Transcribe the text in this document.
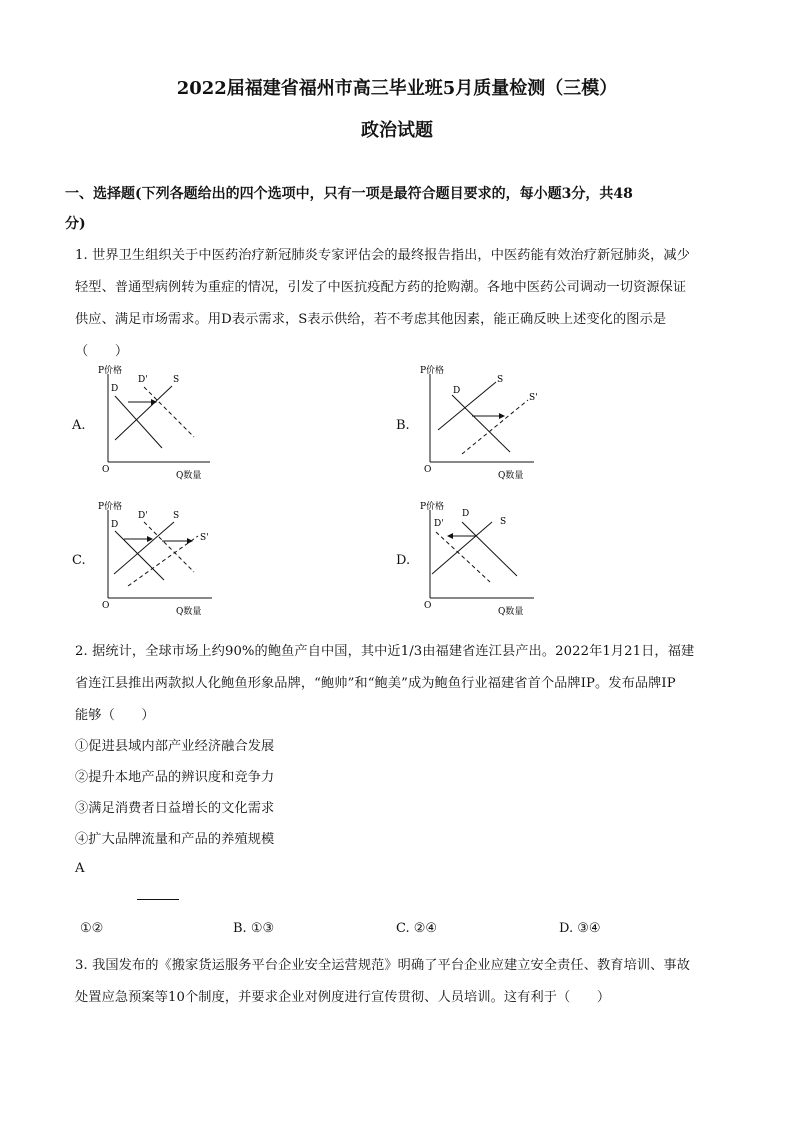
2022届福建省福州市高三毕业班5月质量检测（三模）
政治试题
一、选择题(下列各题给出的四个选项中，只有一项是最符合题目要求的，每小题3分，共48
分)
1. 世界卫生组织关于中医药治疗新冠肺炎专家评估会的最终报告指出，中医药能有效治疗新冠肺炎，减少
轻型、普通型病例转为重症的情况，引发了中医抗疫配方药的抢购潮。各地中医药公司调动一切资源保证
供应、满足市场需求。用D表示需求，S表示供给，若不考虑其他因素，能正确反映上述变化的图示是
（　　）
A.
P价格
Q数量
O
D
D'	S
B.
P价格
Q数量
O
D
S
S'
C.
P价格
Q数量
O
D
D'	S
S'
D.
P价格
Q数量
O
D
D'	S
2. 据统计，全球市场上约90%的鲍鱼产自中国，其中近1/3由福建省连江县产出。2022年1月21日，福建
省连江县推出两款拟人化鲍鱼形象品牌，“鲍帅”和“鲍美”成为鲍鱼行业福建省首个品牌IP。发布品牌IP
能够（　　）
①促进县域内部产业经济融合发展
②提升本地产品的辨识度和竞争力
③满足消费者日益增长的文化需求
④扩大品牌流量和产品的养殖规模
A
①②	B. ①③	C. ②④	D. ③④
3. 我国发布的《搬家货运服务平台企业安全运营规范》明确了平台企业应建立安全责任、教育培训、事故
处置应急预案等10个制度，并要求企业对例度进行宣传贯彻、人员培训。这有利于（　　）
